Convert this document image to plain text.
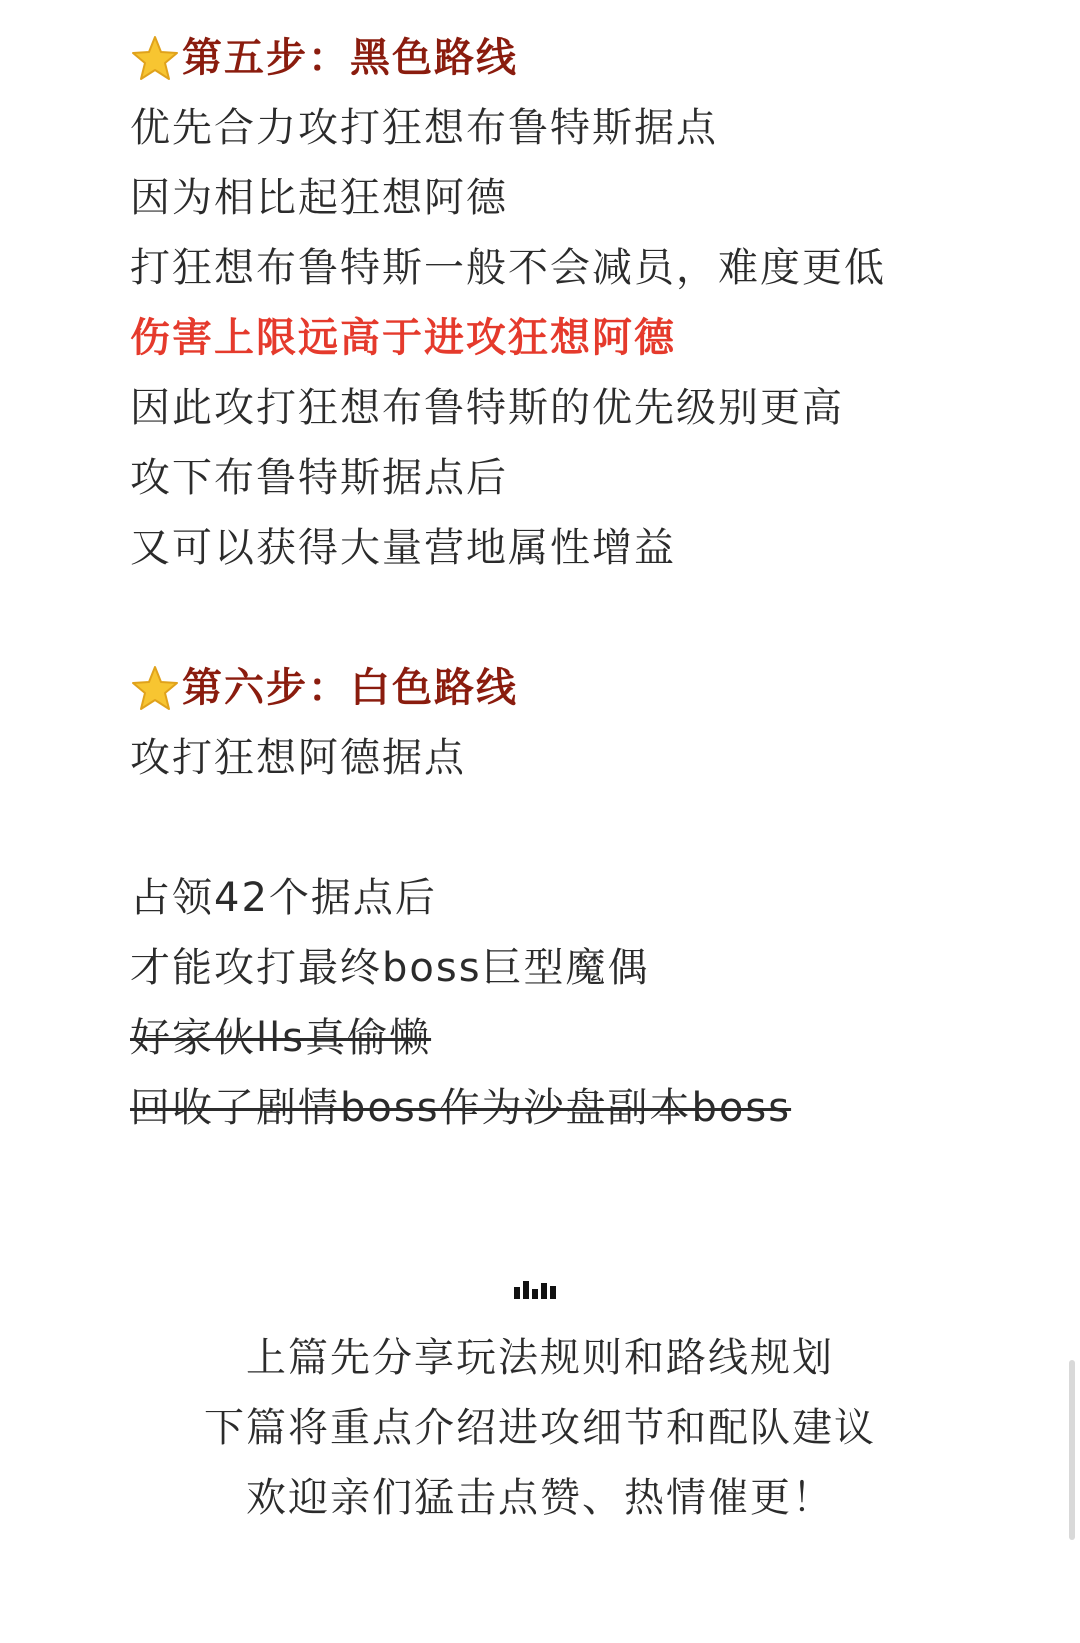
第五步：黑色路线
优先合力攻打狂想布鲁特斯据点
因为相比起狂想阿德
打狂想布鲁特斯一般不会减员，难度更低
伤害上限远高于进攻狂想阿德
因此攻打狂想布鲁特斯的优先级别更高
攻下布鲁特斯据点后
又可以获得大量营地属性增益
第六步：白色路线
攻打狂想阿德据点
占领42个据点后
才能攻打最终boss巨型魔偶
好家伙lls真偷懒
回收了剧情boss作为沙盘副本boss
上篇先分享玩法规则和路线规划
下篇将重点介绍进攻细节和配队建议
欢迎亲们猛击点赞、热情催更！
